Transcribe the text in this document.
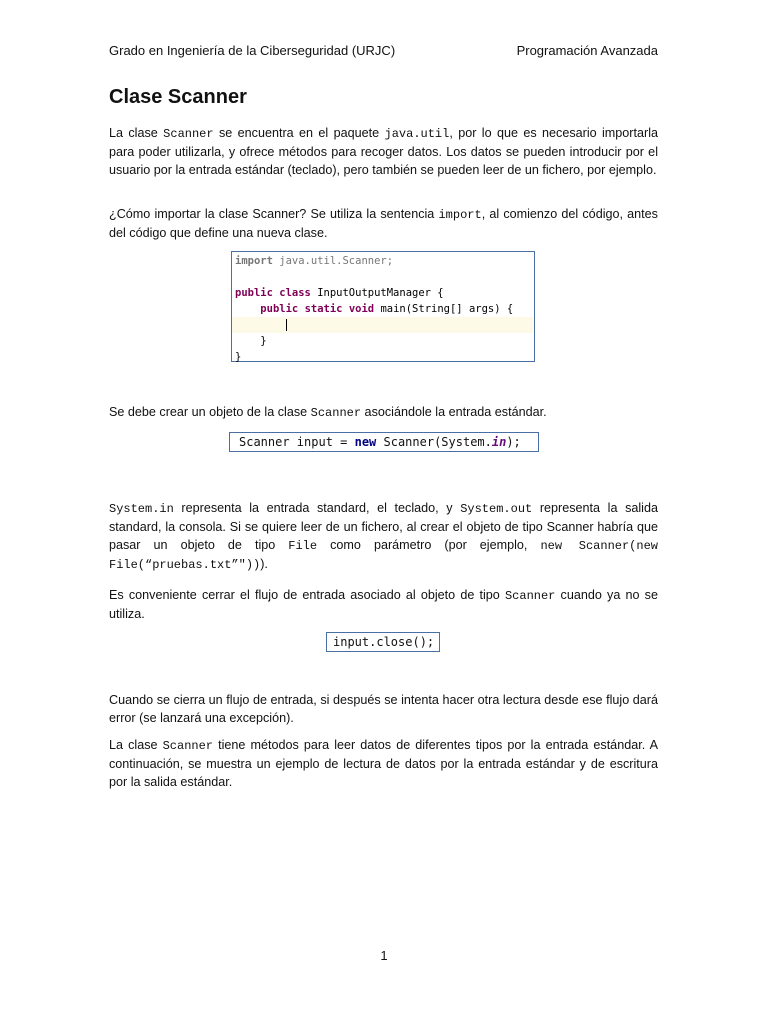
Grado en Ingeniería de la Ciberseguridad (URJC)	Programación Avanzada
Clase Scanner

La clase Scanner se encuentra en el paquete java.util, por lo que es necesario importarla para poder utilizarla, y ofrece métodos para recoger datos. Los datos se pueden introducir por el usuario por la entrada estándar (teclado), pero también se pueden leer de un fichero, por ejemplo.

¿Cómo importar la clase Scanner? Se utiliza la sentencia import, al comienzo del código, antes del código que define una nueva clase.

import java.util.Scanner;

public class InputOutputManager {
public static void main(String[] args) {

}
}

Se debe crear un objeto de la clase Scanner asociándole la entrada estándar.

Scanner input = new Scanner(System.in);

System.in representa la entrada standard, el teclado, y System.out representa la salida standard, la consola. Si se quiere leer de un fichero, al crear el objeto de tipo Scanner habría que pasar un objeto de tipo File como parámetro (por ejemplo, new Scanner(new File(“pruebas.txt”"))).

Es conveniente cerrar el flujo de entrada asociado al objeto de tipo Scanner cuando ya no se utiliza.

input.close();

Cuando se cierra un flujo de entrada, si después se intenta hacer otra lectura desde ese flujo dará error (se lanzará una excepción).

La clase Scanner tiene métodos para leer datos de diferentes tipos por la entrada estándar. A continuación, se muestra un ejemplo de lectura de datos por la entrada estándar y de escritura por la salida estándar.

1
